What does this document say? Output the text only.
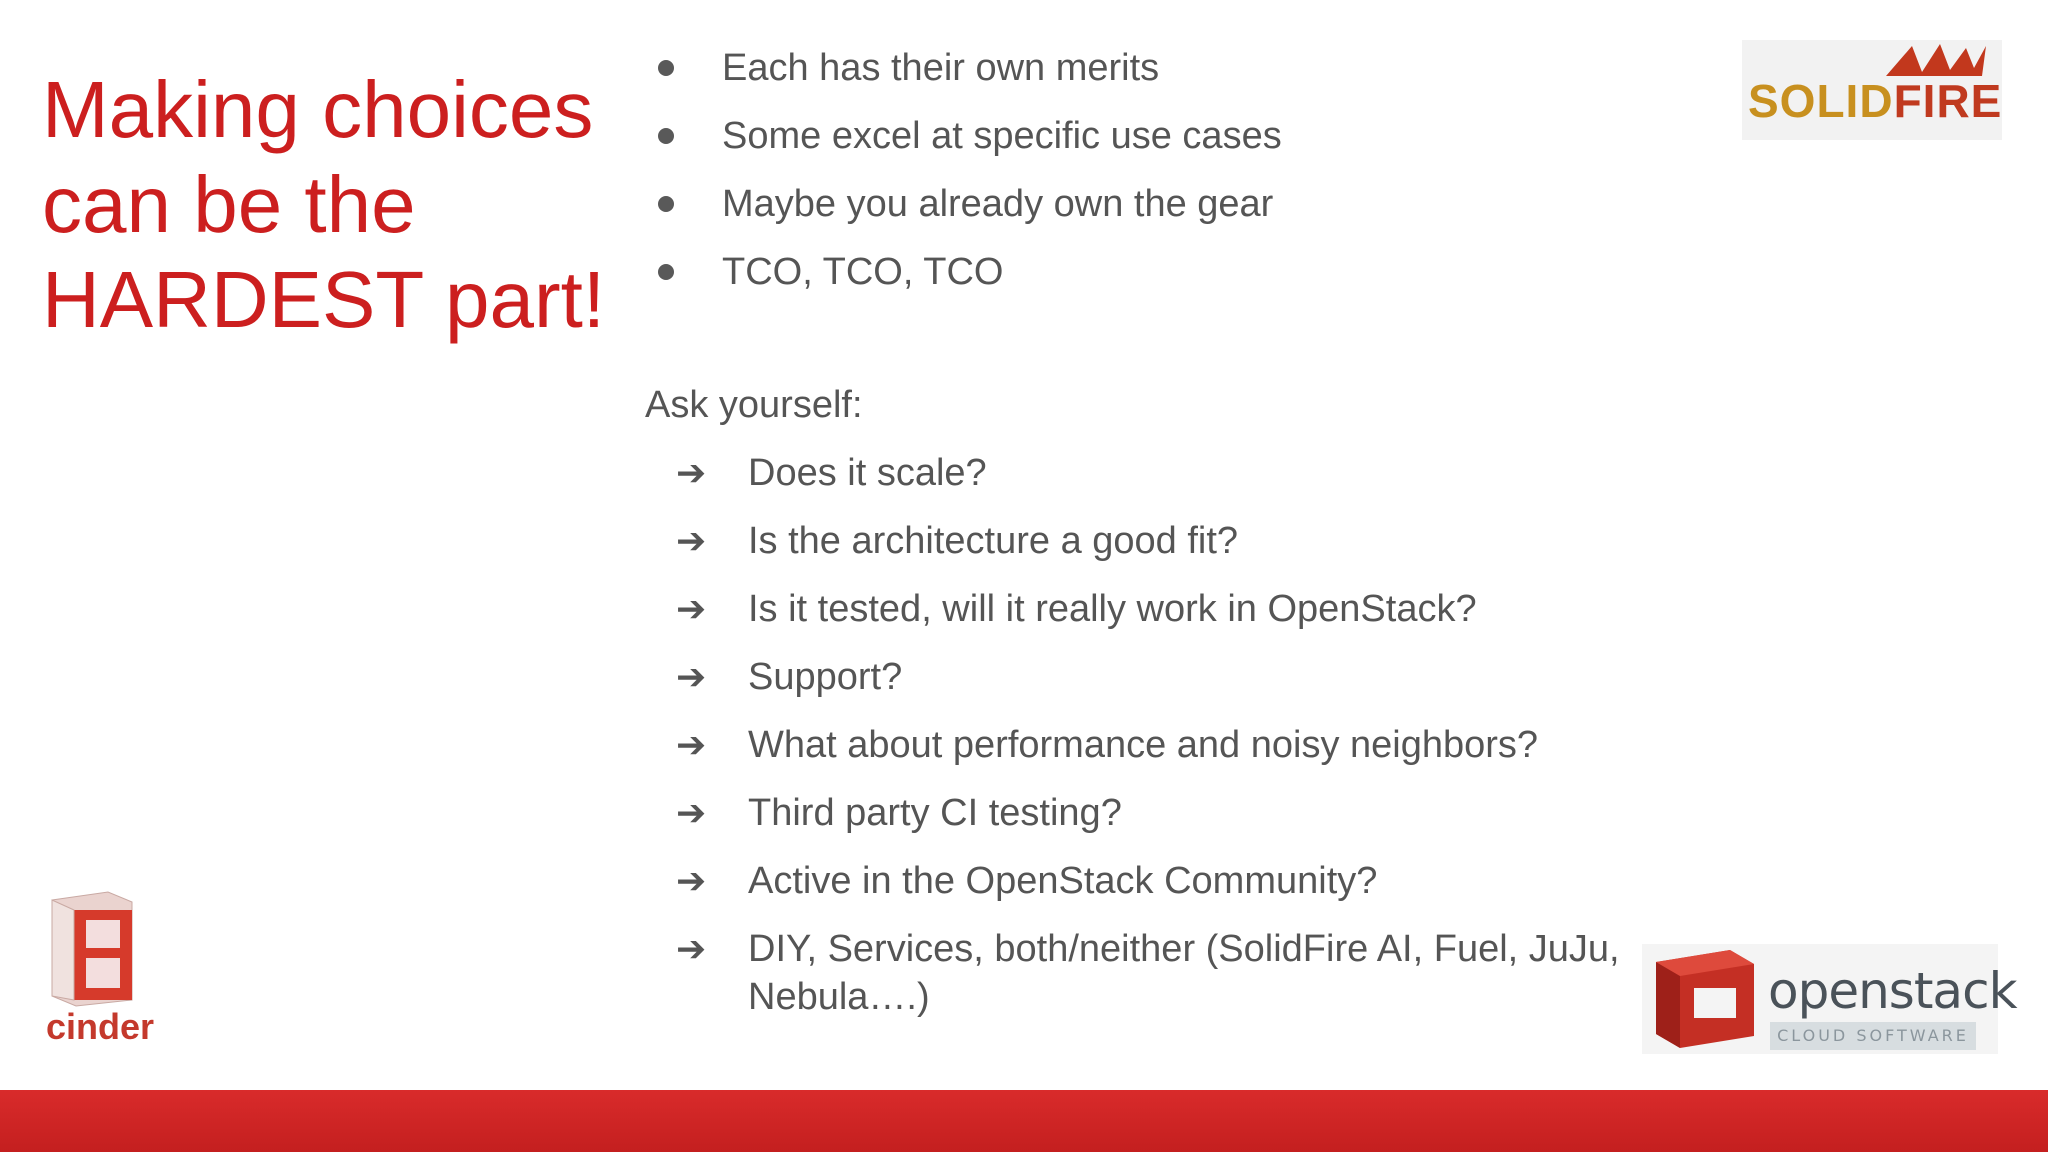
Making choices
can be the
HARDEST part!
Each has their own merits
Some excel at specific use cases
Maybe you already own the gear
TCO, TCO, TCO
Ask yourself:
➔ Does it scale?
➔ Is the architecture a good fit?
➔ Is it tested, will it really work in OpenStack?
➔ Support?
➔ What about performance and noisy neighbors?
➔ Third party CI testing?
➔ Active in the OpenStack Community?
➔ DIY, Services, both/neither (SolidFire AI, Fuel, JuJu, Nebula….)
SOLIDFIRE
cinder
openstack
CLOUD SOFTWARE
